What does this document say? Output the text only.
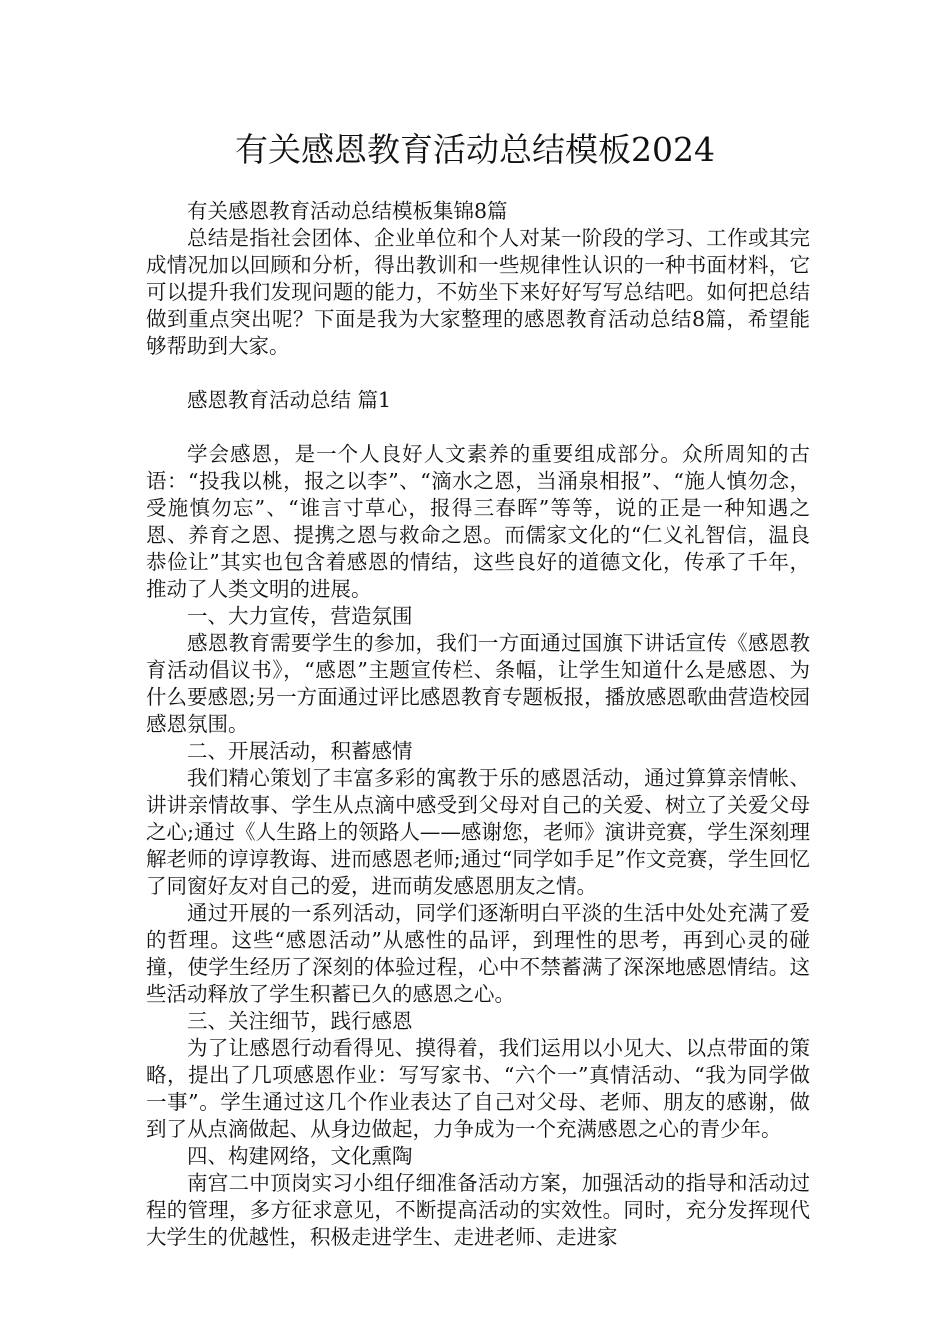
有关感恩教育活动总结模板2024

有关感恩教育活动总结模板集锦8篇

总结是指社会团体、企业单位和个人对某一阶段的学习、工作或其完成情况加以回顾和分析，得出教训和一些规律性认识的一种书面材料，它可以提升我们发现问题的能力，不妨坐下来好好写写总结吧。如何把总结做到重点突出呢？下面是我为大家整理的感恩教育活动总结8篇，希望能够帮助到大家。

感恩教育活动总结 篇1

学会感恩，是一个人良好人文素养的重要组成部分。众所周知的古语：“投我以桃，报之以李”、“滴水之恩，当涌泉相报”、“施人慎勿念，受施慎勿忘”、“谁言寸草心，报得三春晖”等等，说的正是一种知遇之恩、养育之恩、提携之恩与救命之恩。而儒家文化的“仁义礼智信，温良恭俭让”其实也包含着感恩的情结，这些良好的道德文化，传承了千年，推动了人类文明的进展。

一、大力宣传，营造氛围

感恩教育需要学生的参加，我们一方面通过国旗下讲话宣传《感恩教育活动倡议书》，“感恩”主题宣传栏、条幅，让学生知道什么是感恩、为什么要感恩;另一方面通过评比感恩教育专题板报，播放感恩歌曲营造校园感恩氛围。

二、开展活动，积蓄感情

我们精心策划了丰富多彩的寓教于乐的感恩活动，通过算算亲情帐、讲讲亲情故事、学生从点滴中感受到父母对自己的关爱、树立了关爱父母之心;通过《人生路上的领路人——感谢您，老师》演讲竞赛，学生深刻理解老师的谆谆教诲、进而感恩老师;通过“同学如手足”作文竞赛，学生回忆了同窗好友对自己的爱，进而萌发感恩朋友之情。

通过开展的一系列活动，同学们逐渐明白平淡的生活中处处充满了爱的哲理。这些“感恩活动”从感性的品评，到理性的思考，再到心灵的碰撞，使学生经历了深刻的体验过程，心中不禁蓄满了深深地感恩情结。这些活动释放了学生积蓄已久的感恩之心。

三、关注细节，践行感恩

为了让感恩行动看得见、摸得着，我们运用以小见大、以点带面的策略，提出了几项感恩作业：写写家书、“六个一”真情活动、“我为同学做一事”。学生通过这几个作业表达了自己对父母、老师、朋友的感谢，做到了从点滴做起、从身边做起，力争成为一个充满感恩之心的青少年。

四、构建网络，文化熏陶

南宫二中顶岗实习小组仔细准备活动方案，加强活动的指导和活动过程的管理，多方征求意见，不断提高活动的实效性。同时，充分发挥现代大学生的优越性，积极走进学生、走进老师、走进家
